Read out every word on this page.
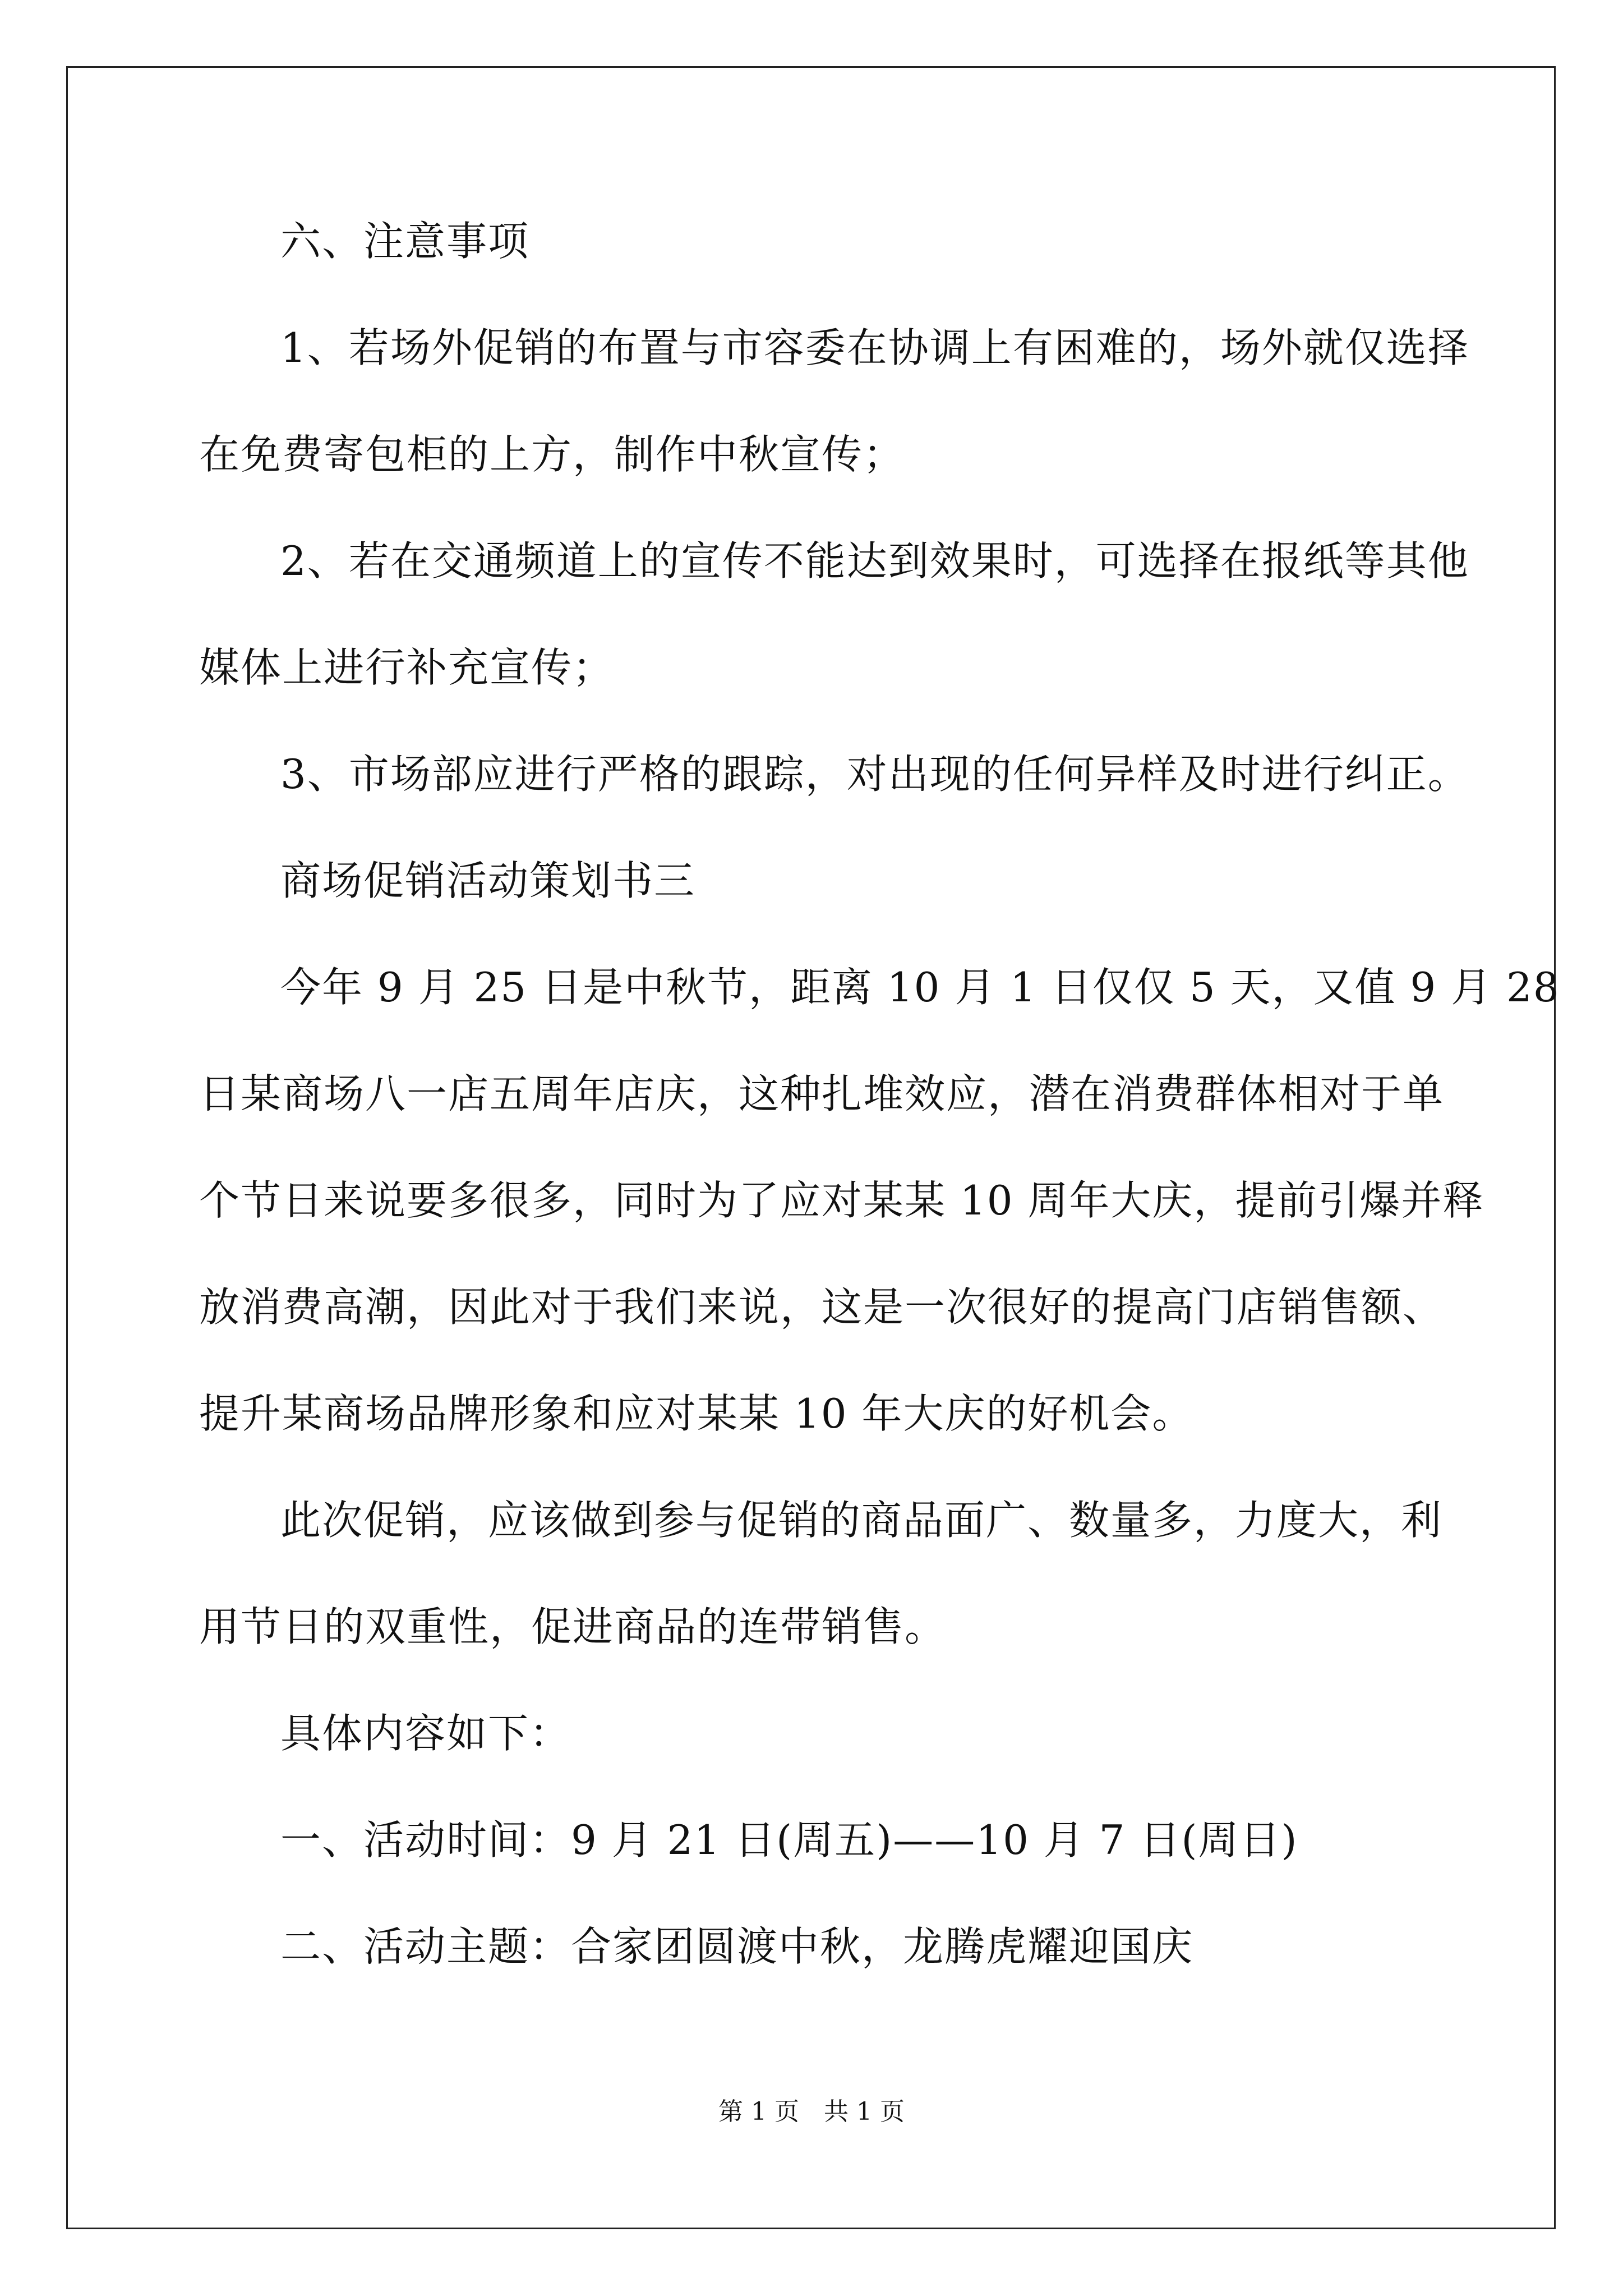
六、注意事项
1、若场外促销的布置与市容委在协调上有困难的，场外就仅选择
在免费寄包柜的上方，制作中秋宣传；
2、若在交通频道上的宣传不能达到效果时，可选择在报纸等其他
媒体上进行补充宣传；
3、市场部应进行严格的跟踪，对出现的任何异样及时进行纠正。
商场促销活动策划书三
今年 9 月 25 日是中秋节，距离 10 月 1 日仅仅 5 天，又值 9 月 28
日某商场八一店五周年店庆，这种扎堆效应，潜在消费群体相对于单
个节日来说要多很多，同时为了应对某某 10 周年大庆，提前引爆并释
放消费高潮，因此对于我们来说，这是一次很好的提高门店销售额、
提升某商场品牌形象和应对某某 10 年大庆的好机会。
此次促销，应该做到参与促销的商品面广、数量多，力度大，利
用节日的双重性，促进商品的连带销售。
具体内容如下：
一、活动时间：9 月 21 日(周五)——10 月 7 日(周日)
二、活动主题：合家团圆渡中秋，龙腾虎耀迎国庆
第 1 页　共 1 页
